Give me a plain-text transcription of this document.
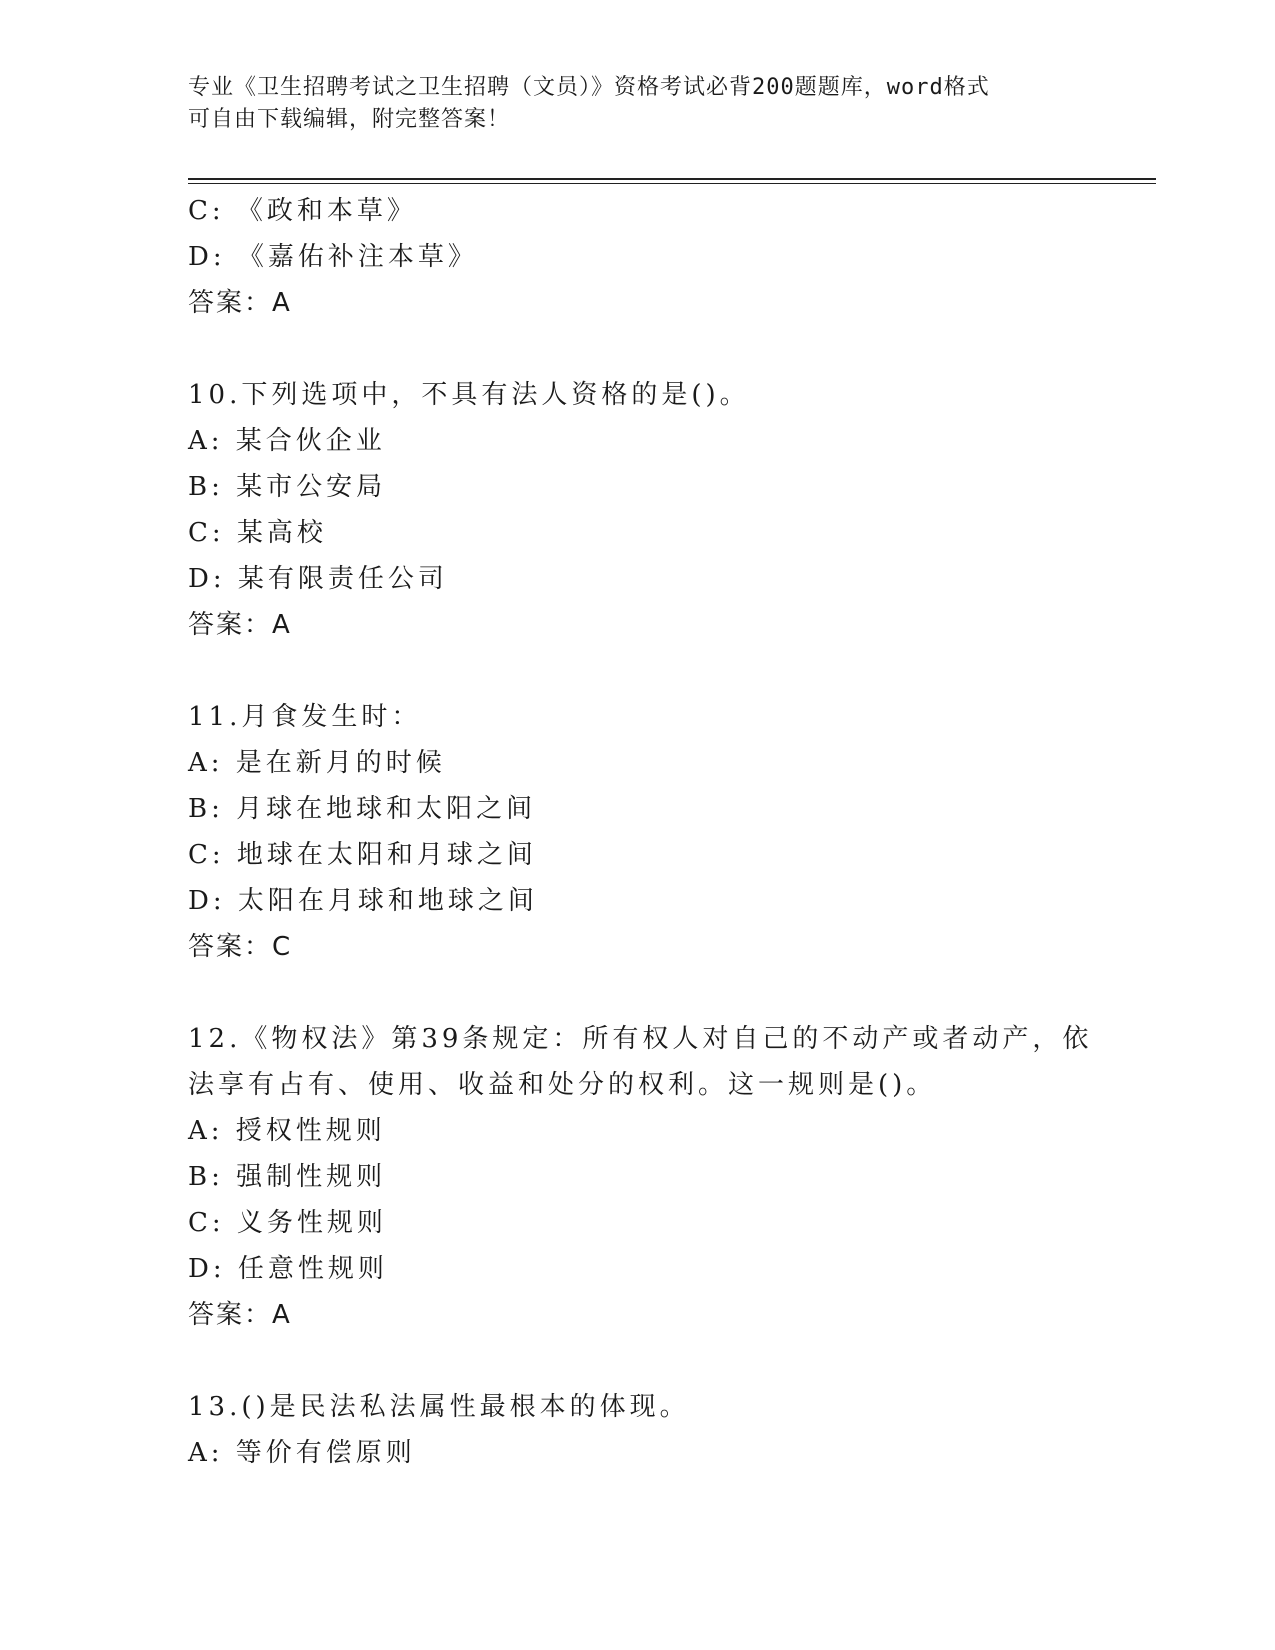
专业《卫生招聘考试之卫生招聘（文员）》资格考试必背200题题库，word格式
可自由下载编辑，附完整答案！
C: 《政和本草》
D: 《嘉佑补注本草》
答案：A
10.下列选项中，不具有法人资格的是()。
A: 某合伙企业
B: 某市公安局
C: 某高校
D: 某有限责任公司
答案：A
11.月食发生时：
A: 是在新月的时候
B: 月球在地球和太阳之间
C: 地球在太阳和月球之间
D: 太阳在月球和地球之间
答案：C
12.《物权法》第39条规定：所有权人对自己的不动产或者动产，依
法享有占有、使用、收益和处分的权利。这一规则是()。
A: 授权性规则
B: 强制性规则
C: 义务性规则
D: 任意性规则
答案：A
13.()是民法私法属性最根本的体现。
A: 等价有偿原则
